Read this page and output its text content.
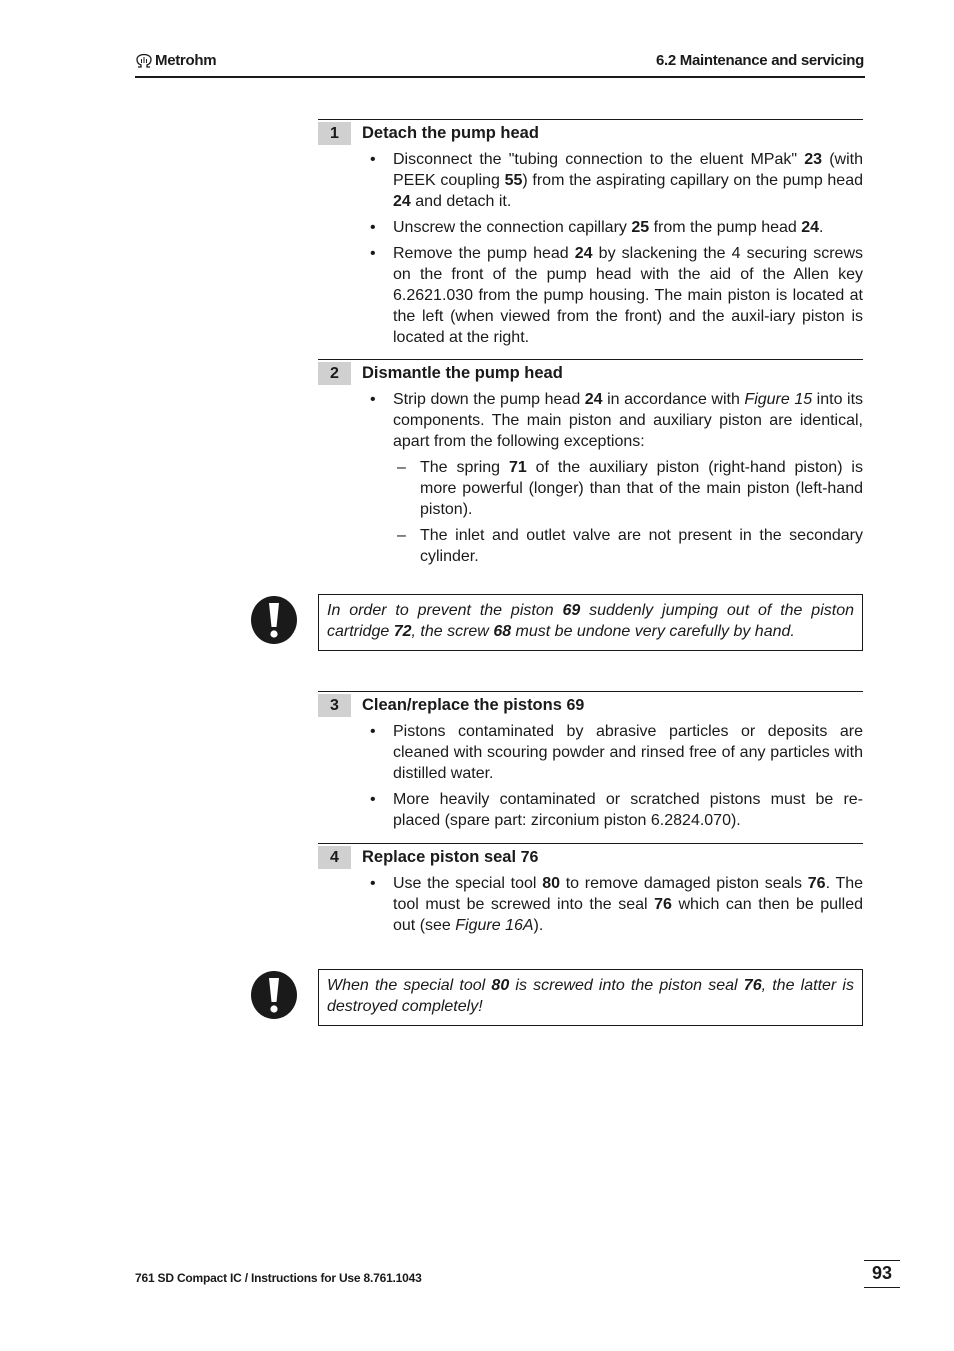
Metrohm	6.2 Maintenance and servicing
1	Detach the pump head
• Disconnect the "tubing connection to the eluent MPak" 23 (with PEEK coupling 55) from the aspirating capillary on the pump head 24 and detach it.
• Unscrew the connection capillary 25 from the pump head 24.
• Remove the pump head 24 by slackening the 4 securing screws on the front of the pump head with the aid of the Allen key 6.2621.030 from the pump housing. The main piston is located at the left (when viewed from the front) and the auxil-iary piston is located at the right.
2	Dismantle the pump head
• Strip down the pump head 24 in accordance with Figure 15 into its components. The main piston and auxiliary piston are identical, apart from the following exceptions:
– The spring 71 of the auxiliary piston (right-hand piston) is more powerful (longer) than that of the main piston (left-hand piston).
– The inlet and outlet valve are not present in the secondary cylinder.
In order to prevent the piston 69 suddenly jumping out of the piston cartridge 72, the screw 68 must be undone very carefully by hand.
3	Clean/replace the pistons 69
• Pistons contaminated by abrasive particles or deposits are cleaned with scouring powder and rinsed free of any particles with distilled water.
• More heavily contaminated or scratched pistons must be re-placed (spare part: zirconium piston 6.2824.070).
4	Replace piston seal 76
• Use the special tool 80 to remove damaged piston seals 76. The tool must be screwed into the seal 76 which can then be pulled out (see Figure 16A).
When the special tool 80 is screwed into the piston seal 76, the latter is destroyed completely!
761 SD Compact IC / Instructions for Use 8.761.1043	93
